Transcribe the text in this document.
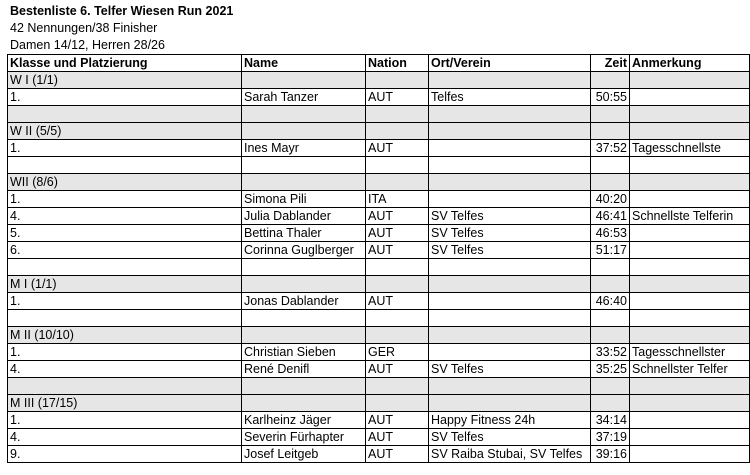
Bestenliste 6. Telfer Wiesen Run 2021
42 Nennungen/38 Finisher
Damen 14/12, Herren 28/26
Klasse und Platzierung	Name	Nation	Ort/Verein	Zeit	Anmerkung
W I (1/1)					
1.	Sarah Tanzer	AUT	Telfes	50:55	

W II (5/5)					
1.	Ines Mayr	AUT		37:52	Tagesschnellste

WII (8/6)					
1.	Simona Pili	ITA		40:20	
4.	Julia Dablander	AUT	SV Telfes	46:41	Schnellste Telferin
5.	Bettina Thaler	AUT	SV Telfes	46:53	
6.	Corinna Guglberger	AUT	SV Telfes	51:17	

M I (1/1)					
1.	Jonas Dablander	AUT		46:40	

M II (10/10)					
1.	Christian Sieben	GER		33:52	Tagesschnellster
4.	René Denifl	AUT	SV Telfes	35:25	Schnellster Telfer

M III (17/15)					
1.	Karlheinz Jäger	AUT	Happy Fitness 24h	34:14	
4.	Severin Fürhapter	AUT	SV Telfes	37:19	
9.	Josef Leitgeb	AUT	SV Raiba Stubai, SV Telfes	39:16	
